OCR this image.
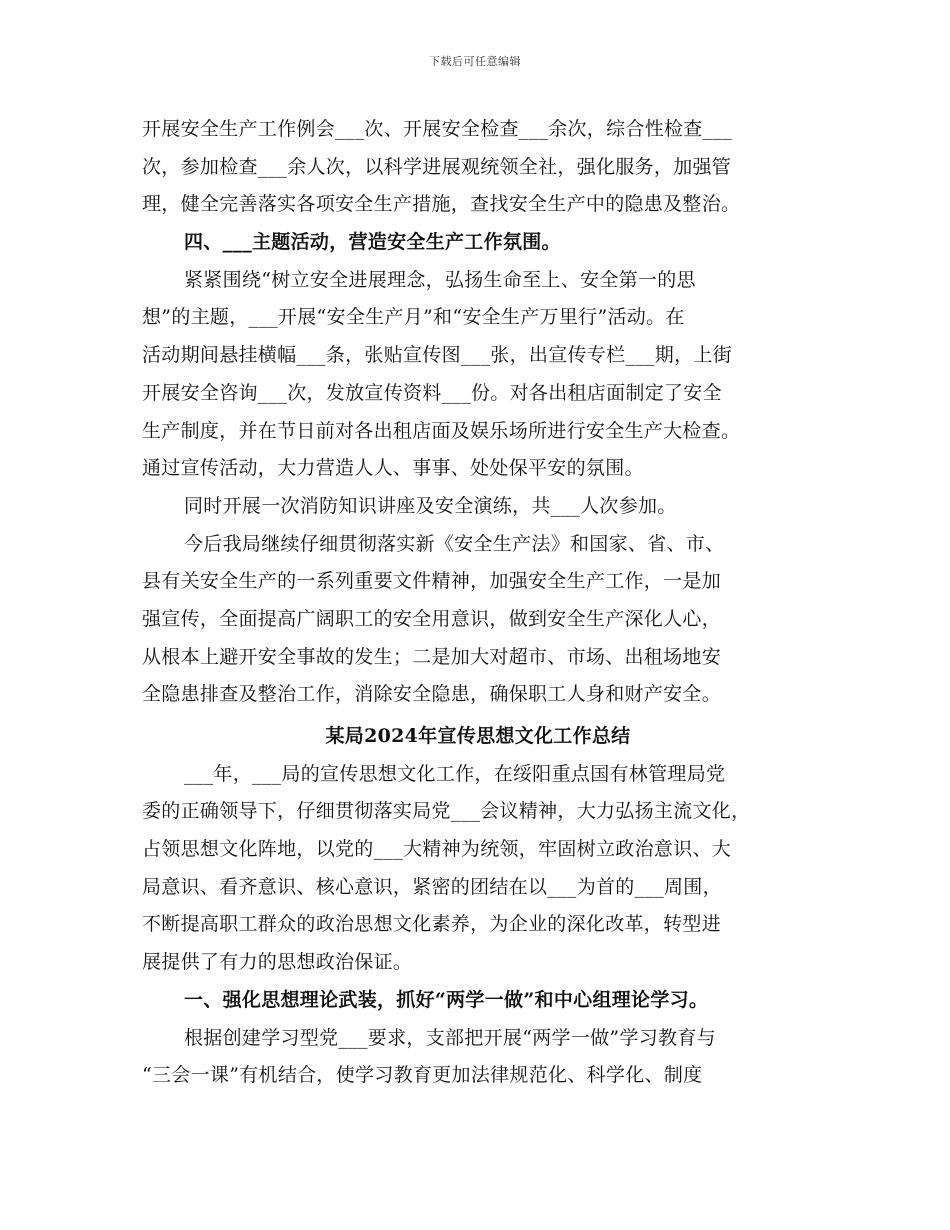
下载后可任意编辑
开展安全生产工作例会___次、开展安全检查___余次，综合性检查___
次，参加检查___余人次，以科学进展观统领全社，强化服务，加强管
理，健全完善落实各项安全生产措施，查找安全生产中的隐患及整治。
四、___主题活动，营造安全生产工作氛围。
紧紧围绕“树立安全进展理念，弘扬生命至上、安全第一的思
想”的主题，___开展“安全生产月”和“安全生产万里行”活动。在
活动期间悬挂横幅___条，张贴宣传图___张，出宣传专栏___期，上街
开展安全咨询___次，发放宣传资料___份。对各出租店面制定了安全
生产制度，并在节日前对各出租店面及娱乐场所进行安全生产大检查。
通过宣传活动，大力营造人人、事事、处处保平安的氛围。
同时开展一次消防知识讲座及安全演练，共___人次参加。
今后我局继续仔细贯彻落实新《安全生产法》和国家、省、市、
县有关安全生产的一系列重要文件精神，加强安全生产工作，一是加
强宣传，全面提高广阔职工的安全用意识，做到安全生产深化人心，
从根本上避开安全事故的发生；二是加大对超市、市场、出租场地安
全隐患排查及整治工作，消除安全隐患，确保职工人身和财产安全。
某局2024年宣传思想文化工作总结
___年，___局的宣传思想文化工作，在绥阳重点国有林管理局党
委的正确领导下，仔细贯彻落实局党___会议精神，大力弘扬主流文化，
占领思想文化阵地，以党的___大精神为统领，牢固树立政治意识、大
局意识、看齐意识、核心意识，紧密的团结在以___为首的___周围，
不断提高职工群众的政治思想文化素养，为企业的深化改革，转型进
展提供了有力的思想政治保证。
一、强化思想理论武装，抓好“两学一做”和中心组理论学习。
根据创建学习型党___要求，支部把开展“两学一做”学习教育与
“三会一课”有机结合，使学习教育更加法律规范化、科学化、制度
